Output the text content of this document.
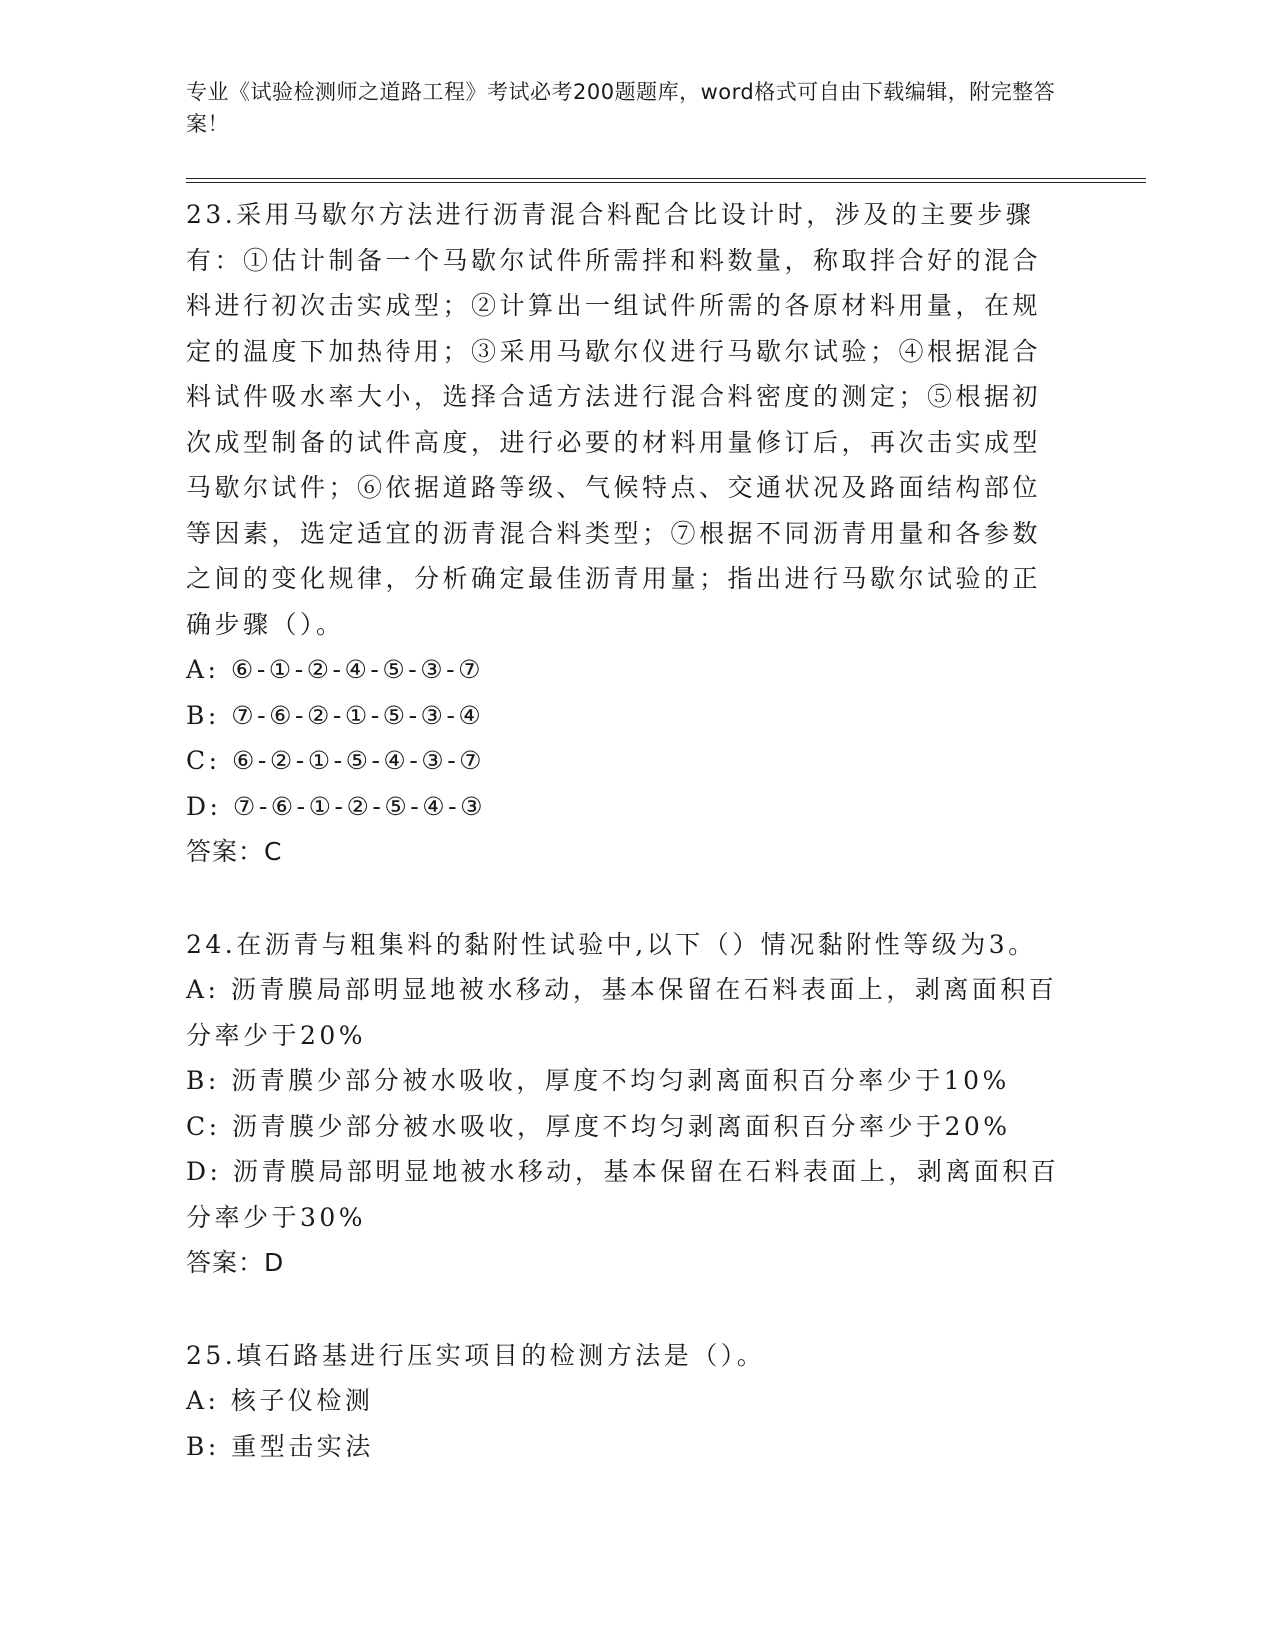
专业《试验检测师之道路工程》考试必考200题题库，word格式可自由下载编辑，附完整答案！
23.采用马歇尔方法进行沥青混合料配合比设计时，涉及的主要步骤有：①估计制备一个马歇尔试件所需拌和料数量，称取拌合好的混合料进行初次击实成型；②计算出一组试件所需的各原材料用量，在规定的温度下加热待用；③采用马歇尔仪进行马歇尔试验；④根据混合料试件吸水率大小，选择合适方法进行混合料密度的测定；⑤根据初次成型制备的试件高度，进行必要的材料用量修订后，再次击实成型马歇尔试件；⑥依据道路等级、气候特点、交通状况及路面结构部位等因素，选定适宜的沥青混合料类型；⑦根据不同沥青用量和各参数之间的变化规律，分析确定最佳沥青用量；指出进行马歇尔试验的正确步骤（）。
A: ⑥-①-②-④-⑤-③-⑦
B: ⑦-⑥-②-①-⑤-③-④
C: ⑥-②-①-⑤-④-③-⑦
D: ⑦-⑥-①-②-⑤-④-③
答案：C
24.在沥青与粗集料的黏附性试验中,以下（）情况黏附性等级为3。
A: 沥青膜局部明显地被水移动，基本保留在石料表面上，剥离面积百分率少于20%
B: 沥青膜少部分被水吸收，厚度不均匀剥离面积百分率少于10%
C: 沥青膜少部分被水吸收，厚度不均匀剥离面积百分率少于20%
D: 沥青膜局部明显地被水移动，基本保留在石料表面上，剥离面积百分率少于30%
答案：D
25.填石路基进行压实项目的检测方法是（）。
A: 核子仪检测
B: 重型击实法
